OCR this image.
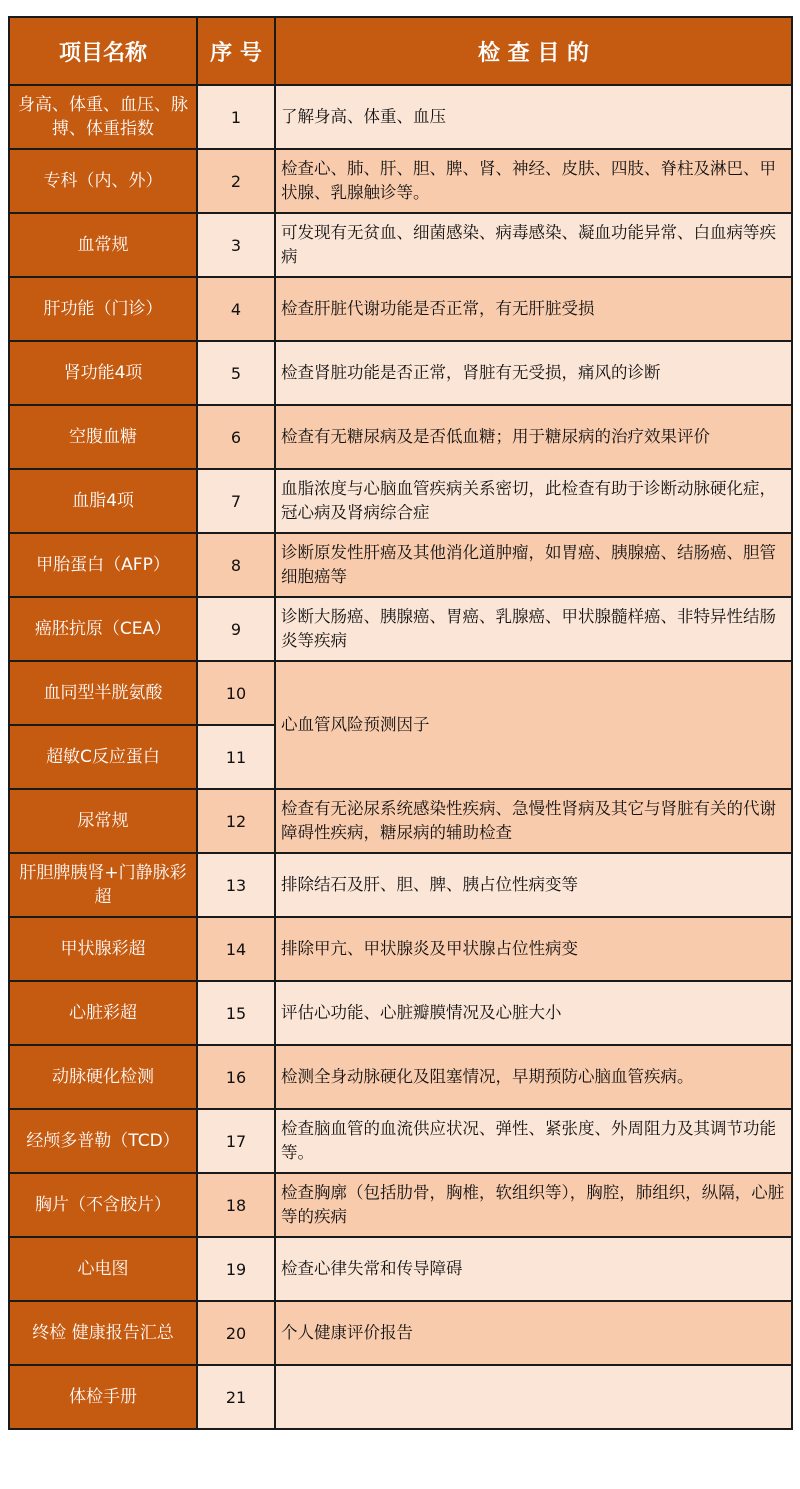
项目名称	序 号	检 查 目 的
身高、体重、血压、脉搏、体重指数	1	了解身高、体重、血压
专科（内、外）	2	检查心、肺、肝、胆、脾、肾、神经、皮肤、四肢、脊柱及淋巴、甲状腺、乳腺触诊等。
血常规	3	可发现有无贫血、细菌感染、病毒感染、凝血功能异常、白血病等疾病
肝功能（门诊）	4	检查肝脏代谢功能是否正常，有无肝脏受损
肾功能4项	5	检查肾脏功能是否正常，肾脏有无受损，痛风的诊断
空腹血糖	6	检查有无糖尿病及是否低血糖；用于糖尿病的治疗效果评价
血脂4项	7	血脂浓度与心脑血管疾病关系密切，此检查有助于诊断动脉硬化症，冠心病及肾病综合症
甲胎蛋白（AFP）	8	诊断原发性肝癌及其他消化道肿瘤，如胃癌、胰腺癌、结肠癌、胆管细胞癌等
癌胚抗原（CEA）	9	诊断大肠癌、胰腺癌、胃癌、乳腺癌、甲状腺髓样癌、非特异性结肠炎等疾病
血同型半胱氨酸	10	心血管风险预测因子
超敏C反应蛋白	11	
尿常规	12	检查有无泌尿系统感染性疾病、急慢性肾病及其它与肾脏有关的代谢障碍性疾病，糖尿病的辅助检查
肝胆脾胰肾+门静脉彩超	13	排除结石及肝、胆、脾、胰占位性病变等
甲状腺彩超	14	排除甲亢、甲状腺炎及甲状腺占位性病变
心脏彩超	15	评估心功能、心脏瓣膜情况及心脏大小
动脉硬化检测	16	检测全身动脉硬化及阻塞情况，早期预防心脑血管疾病。
经颅多普勒（TCD）	17	检查脑血管的血流供应状况、弹性、紧张度、外周阻力及其调节功能等。
胸片（不含胶片）	18	检查胸廓（包括肋骨，胸椎，软组织等），胸腔，肺组织，纵隔，心脏等的疾病
心电图	19	检查心律失常和传导障碍
终检 健康报告汇总	20	个人健康评价报告
体检手册	21	
